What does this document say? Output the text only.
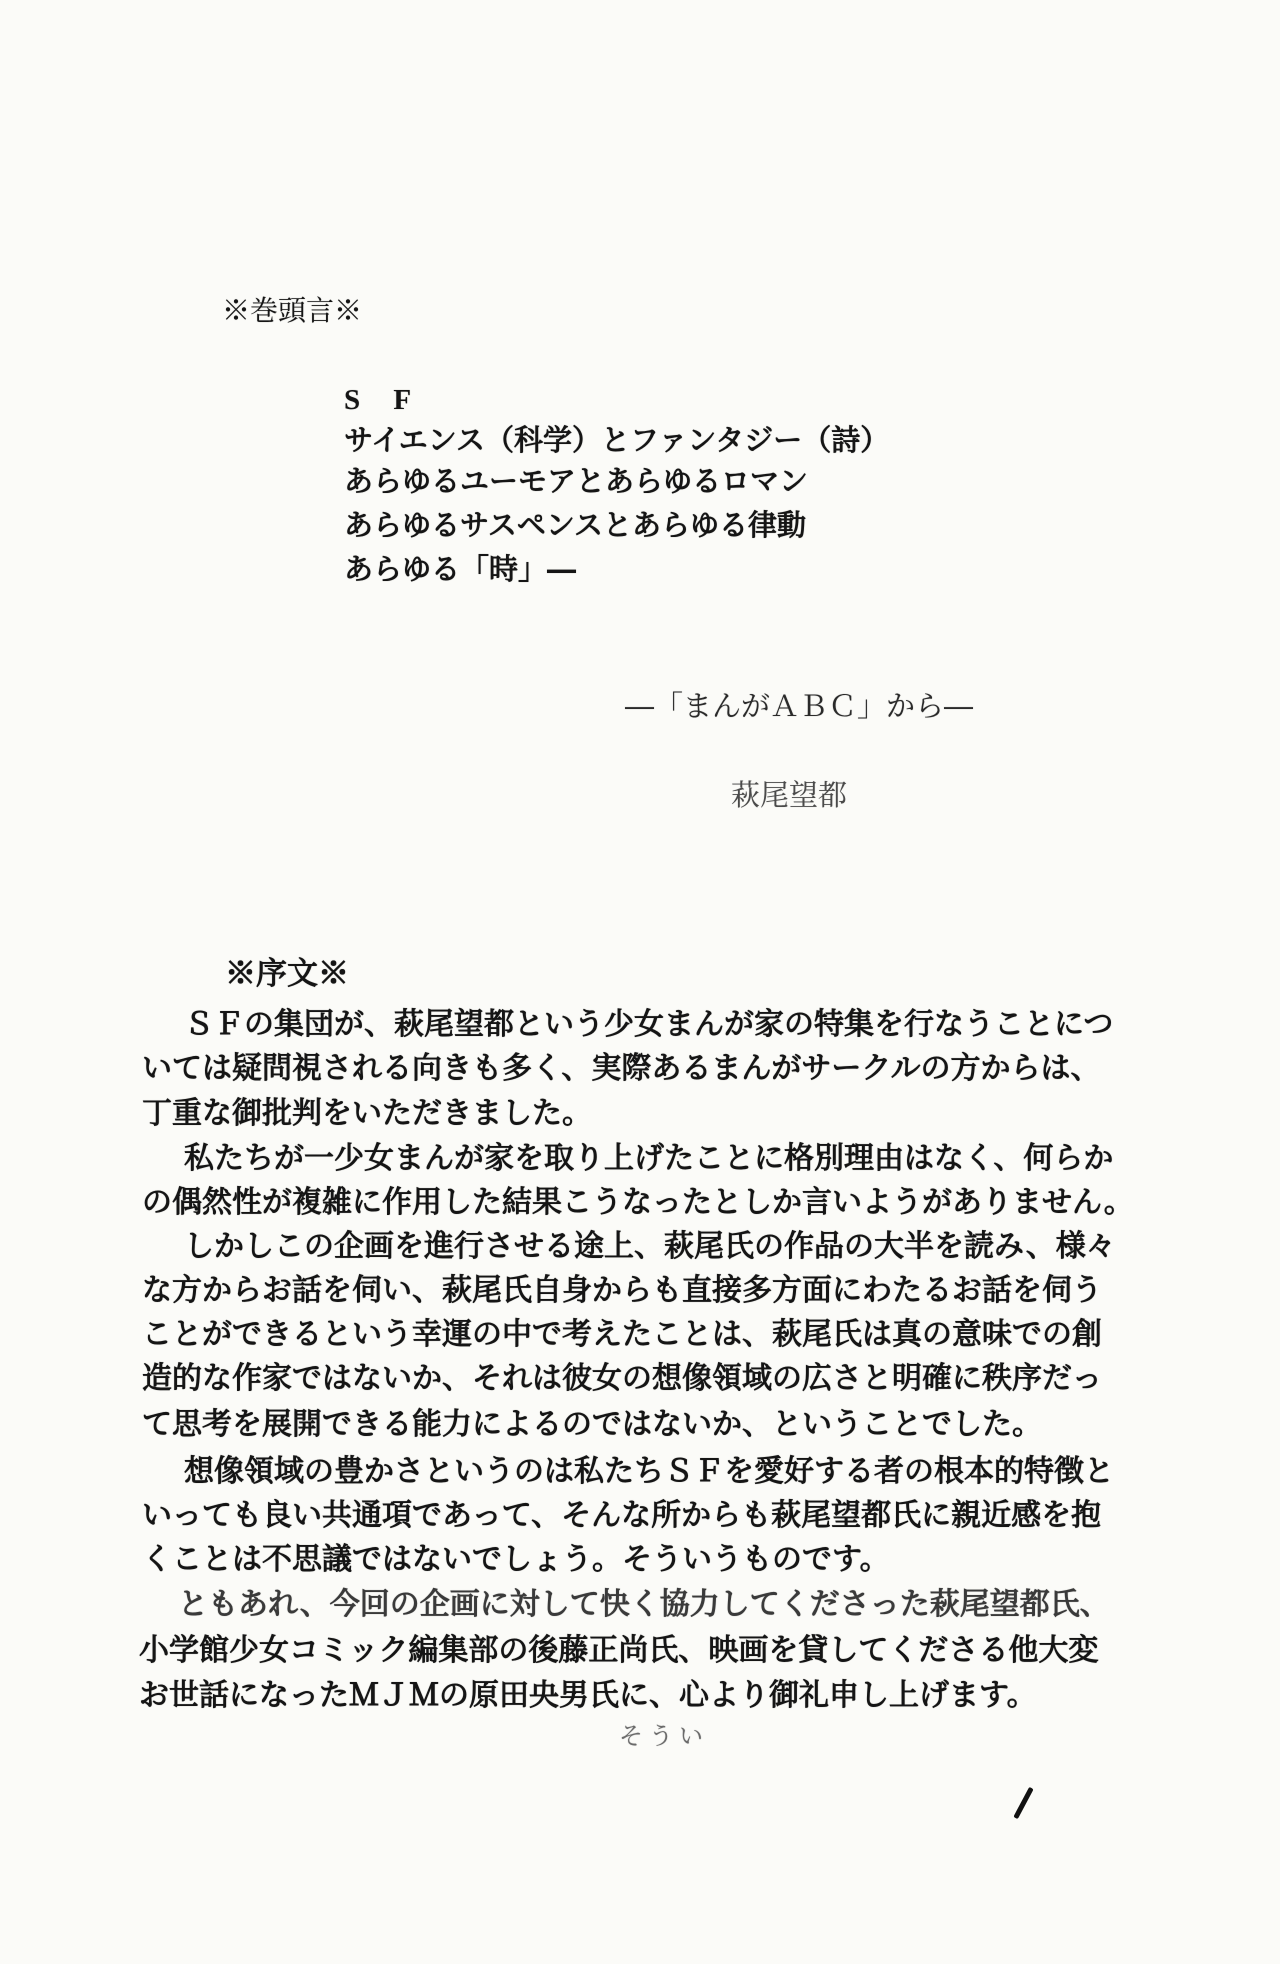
※巻頭言※
S F
サイエンス（科学）とファンタジー（詩）
あらゆるユーモアとあらゆるロマン
あらゆるサスペンスとあらゆる律動
あらゆる「時」―
―「まんがＡＢＣ」から―
萩尾望都
※序文※
ＳＦの集団が、萩尾望都という少女まんが家の特集を行なうことにつ
いては疑問視される向きも多く、実際あるまんがサークルの方からは、
丁重な御批判をいただきました。
私たちが一少女まんが家を取り上げたことに格別理由はなく、何らか
の偶然性が複雑に作用した結果こうなったとしか言いようがありません。
しかしこの企画を進行させる途上、萩尾氏の作品の大半を読み、様々
な方からお話を伺い、萩尾氏自身からも直接多方面にわたるお話を伺う
ことができるという幸運の中で考えたことは、萩尾氏は真の意味での創
造的な作家ではないか、それは彼女の想像領域の広さと明確に秩序だっ
て思考を展開できる能力によるのではないか、ということでした。
想像領域の豊かさというのは私たちＳＦを愛好する者の根本的特徴と
いっても良い共通項であって、そんな所からも萩尾望都氏に親近感を抱
くことは不思議ではないでしょう。そういうものです。
ともあれ、今回の企画に対して快く協力してくださった萩尾望都氏、
小学館少女コミック編集部の後藤正尚氏、映画を貸してくださる他大変
お世話になったＭＪＭの原田央男氏に、心より御礼申し上げます。
そうい
